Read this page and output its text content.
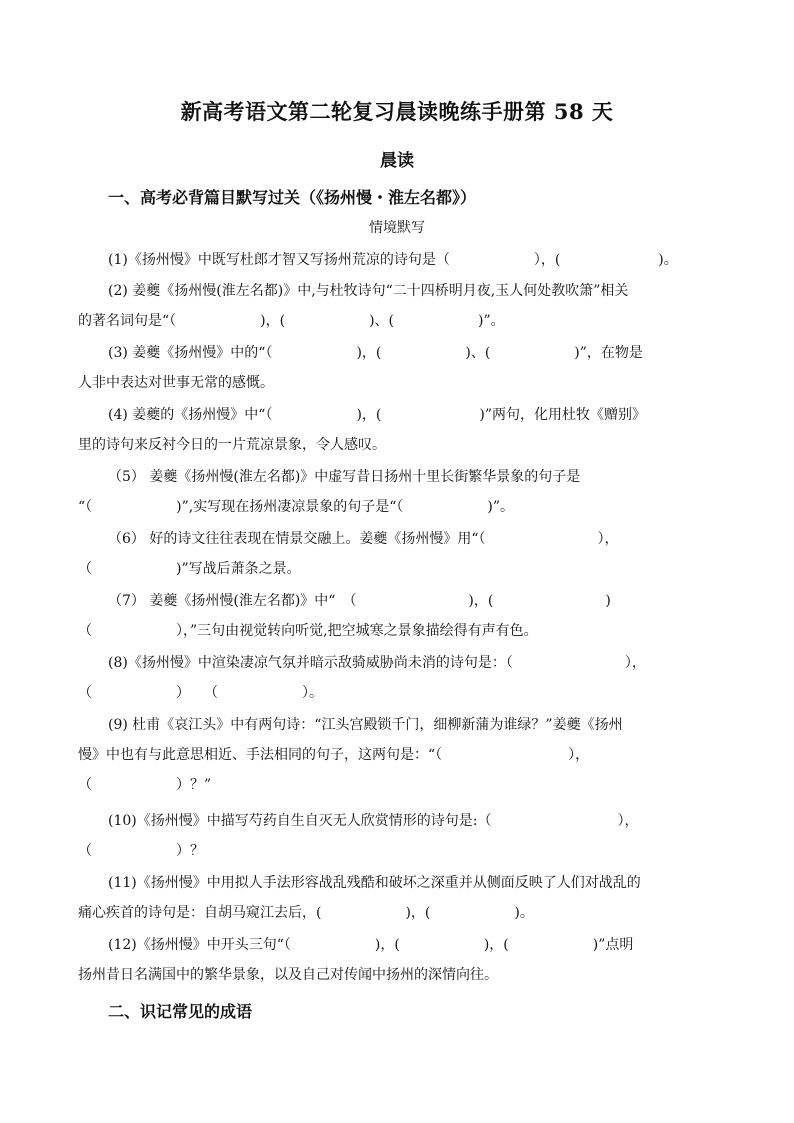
新高考语文第二轮复习晨读晚练手册第 58 天
晨读
一、高考必背篇目默写过关（《扬州慢・淮左名都》）
情境默写

(1)《扬州慢》中既写杜郎才智又写扬州荒凉的诗句是（　　　　　　），(　　　　　　　)。

(2) 姜夔《扬州慢(淮左名都)》中,与杜牧诗句“二十四桥明月夜,玉人何处教吹箫”相关

的著名词句是“（　　　　　　)，(　　　　　　)、(　　　　　　)”。

(3) 姜夔《扬州慢》中的“（　　　　　　)，(　　　　　　)、(　　　　　　)”，在物是

人非中表达对世事无常的感慨。

(4) 姜夔的《扬州慢》中“（　　　　　　)，(　　　　　　　)”两句，化用杜牧《赠别》

里的诗句来反衬今日的一片荒凉景象，令人感叹。

（5） 姜夔《扬州慢(淮左名都)》中虚写昔日扬州十里长街繁华景象的句子是

“（　　　　　　)”,实写现在扬州凄凉景象的句子是“（　　　　　　)”。

（6） 好的诗文往往表现在情景交融上。姜夔《扬州慢》用“（　　　　　　　　），

（　　　　　　)”写战后萧条之景。

（7） 姜夔《扬州慢(淮左名都)》中“　（　　　　　　　　)，(　　　　　　　　)

（　　　　　　），”三句由视觉转向听觉,把空城寒之景象描绘得有声有色。

(8)《扬州慢》中渲染凄凉气氛并暗示敌骑威胁尚未消的诗句是：（　　　　　　　　），

（　　　　　　）　　（　　　　　　）。

(9) 杜甫《哀江头》中有两句诗：“江头宫殿锁千门，细柳新蒲为谁绿？”姜夔《扬州

慢》中也有与此意思相近、手法相同的句子，这两句是：“（　　　　　　　　　），

（　　　　　　）？”

(10)《扬州慢》中描写芍药自生自灭无人欣赏情形的诗句是:（　　　　　　　　　），

（　　　　　　）？

(11)《扬州慢》中用拟人手法形容战乱残酷和破坏之深重并从侧面反映了人们对战乱的

痛心疾首的诗句是：自胡马窥江去后，(　　　　　　)，(　　　　　　)。

(12)《扬州慢》中开头三句“（　　　　　　)，(　　　　　　)，(　　　　　　)”点明

扬州昔日名满国中的繁华景象，以及自己对传闻中扬州的深情向往。

二、识记常见的成语
